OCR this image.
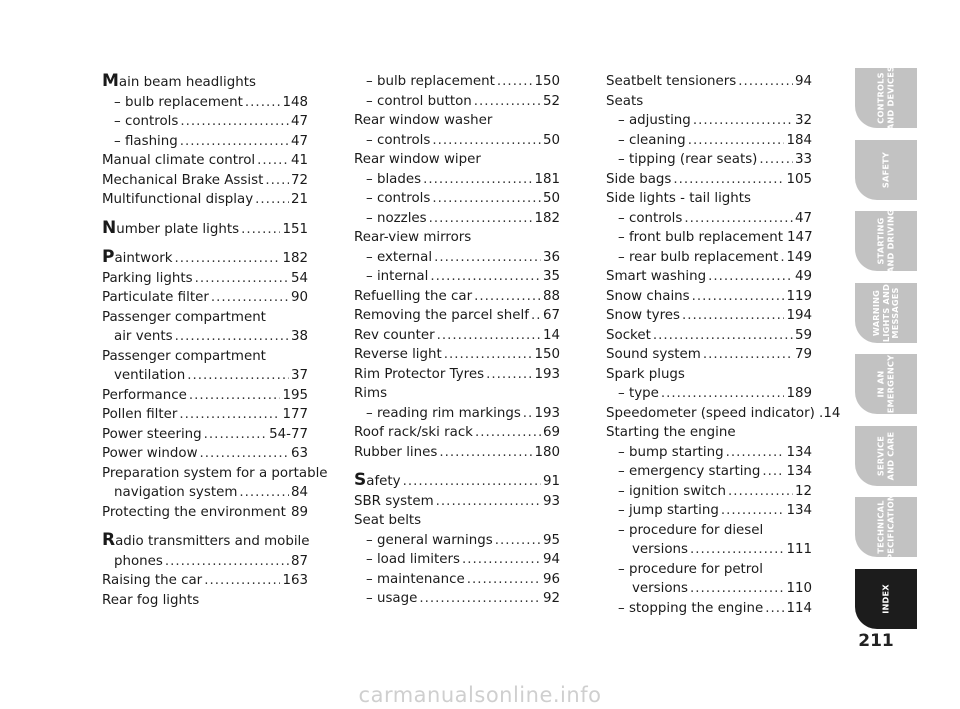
Main beam headlights
– bulb replacement .....	148
– controls .....	47
– flashing .....	47
Manual climate control .....	41
Mechanical Brake Assist ..... 72
Multifunctional display .....	21
Number plate lights .....	151
Paintwork .....	182
Parking lights .....	54
Particulate filter .....	90
Passenger compartment
air vents .....	38
Passenger compartment
ventilation .....	37
Performance .....	195
Pollen filter .....	177
Power steering .....	54-77
Power window .....	63
Preparation system for a portable
navigation system .....	84
Protecting the environment ..... 89
Radio transmitters and mobile
phones .....	87
Raising the car .....	163
Rear fog lights
– bulb replacement .....	150
– control button .....	52
Rear window washer
– controls .....	50
Rear window wiper
– blades .....	181
– controls .....	50
– nozzles .....	182
Rear-view mirrors
– external .....	36
– internal .....	35
Refuelling the car .....	88
Removing the parcel shelf ..... 67
Rev counter .....	14
Reverse light .....	150
Rim Protector Tyres .....	193
Rims
– reading rim markings ..... 193
Roof rack/ski rack .....	69
Rubber lines .....	180
Safety .....	91
SBR system .....	93
Seat belts
– general warnings .....	95
– load limiters .....	94
– maintenance .....	96
– usage .....	92
Seatbelt tensioners .....	94
Seats
– adjusting .....	32
– cleaning .....	184
– tipping (rear seats) .....	33
Side bags .....	105
Side lights - tail lights
– controls .....	47
– front bulb replacement 147
– rear bulb replacement ..... 149
Smart washing .....	49
Snow chains .....	119
Snow tyres .....	194
Socket .....	59
Sound system .....	79
Spark plugs
– type .....	189
Speedometer (speed indicator) . 14
Starting the engine
– bump starting .....	134
– emergency starting ..... 134
– ignition switch .....	12
– jump starting .....	134
– procedure for diesel
versions .....	111
– procedure for petrol
versions .....	110
– stopping the engine ..... 114
CONTROLS
AND DEVICES
SAFETY
STARTING
AND DRIVING
WARNING
LIGHTS AND
MESSAGES
IN AN
EMERGENCY
SERVICE
AND CARE
TECHNICAL
SPECIFICATIONS
INDEX
211
carmanualsonline.info
